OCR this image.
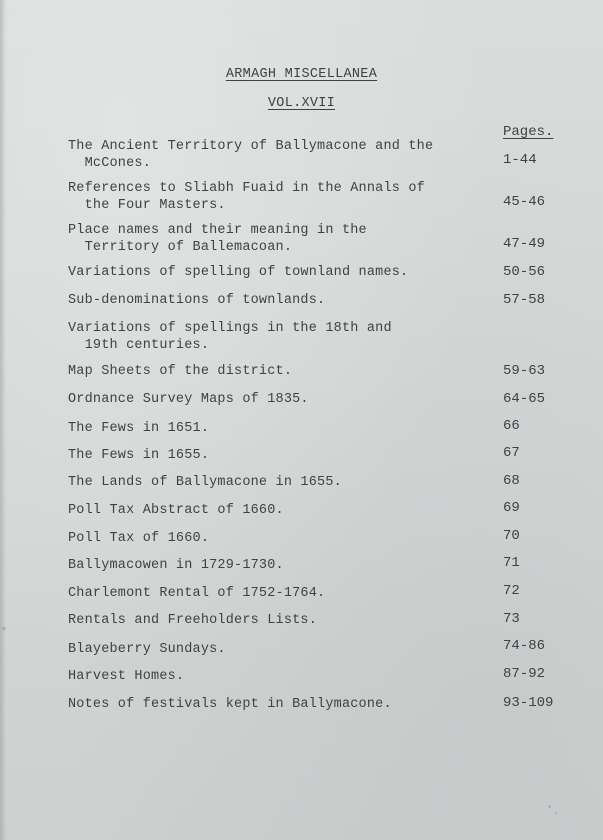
ARMAGH MISCELLANEA
VOL.XVII
Pages.
The Ancient Territory of Ballymacone and the
McCones.	1-44
References to Sliabh Fuaid in the Annals of
the Four Masters.	45-46
Place names and their meaning in the
Territory of Ballemacoan.	47-49
Variations of spelling of townland names.	50-56
Sub-denominations of townlands.	57-58
Variations of spellings in the 18th and
19th centuries.
Map Sheets of the district.	59-63
Ordnance Survey Maps of 1835.	64-65
The Fews in 1651.	66
The Fews in 1655.	67
The Lands of Ballymacone in 1655.	68
Poll Tax Abstract of 1660.	69
Poll Tax of 1660.	70
Ballymacowen in 1729-1730.	71
Charlemont Rental of 1752-1764.	72
Rentals and Freeholders Lists.	73
Blayeberry Sundays.	74-86
Harvest Homes.	87-92
Notes of festivals kept in Ballymacone.	93-109
